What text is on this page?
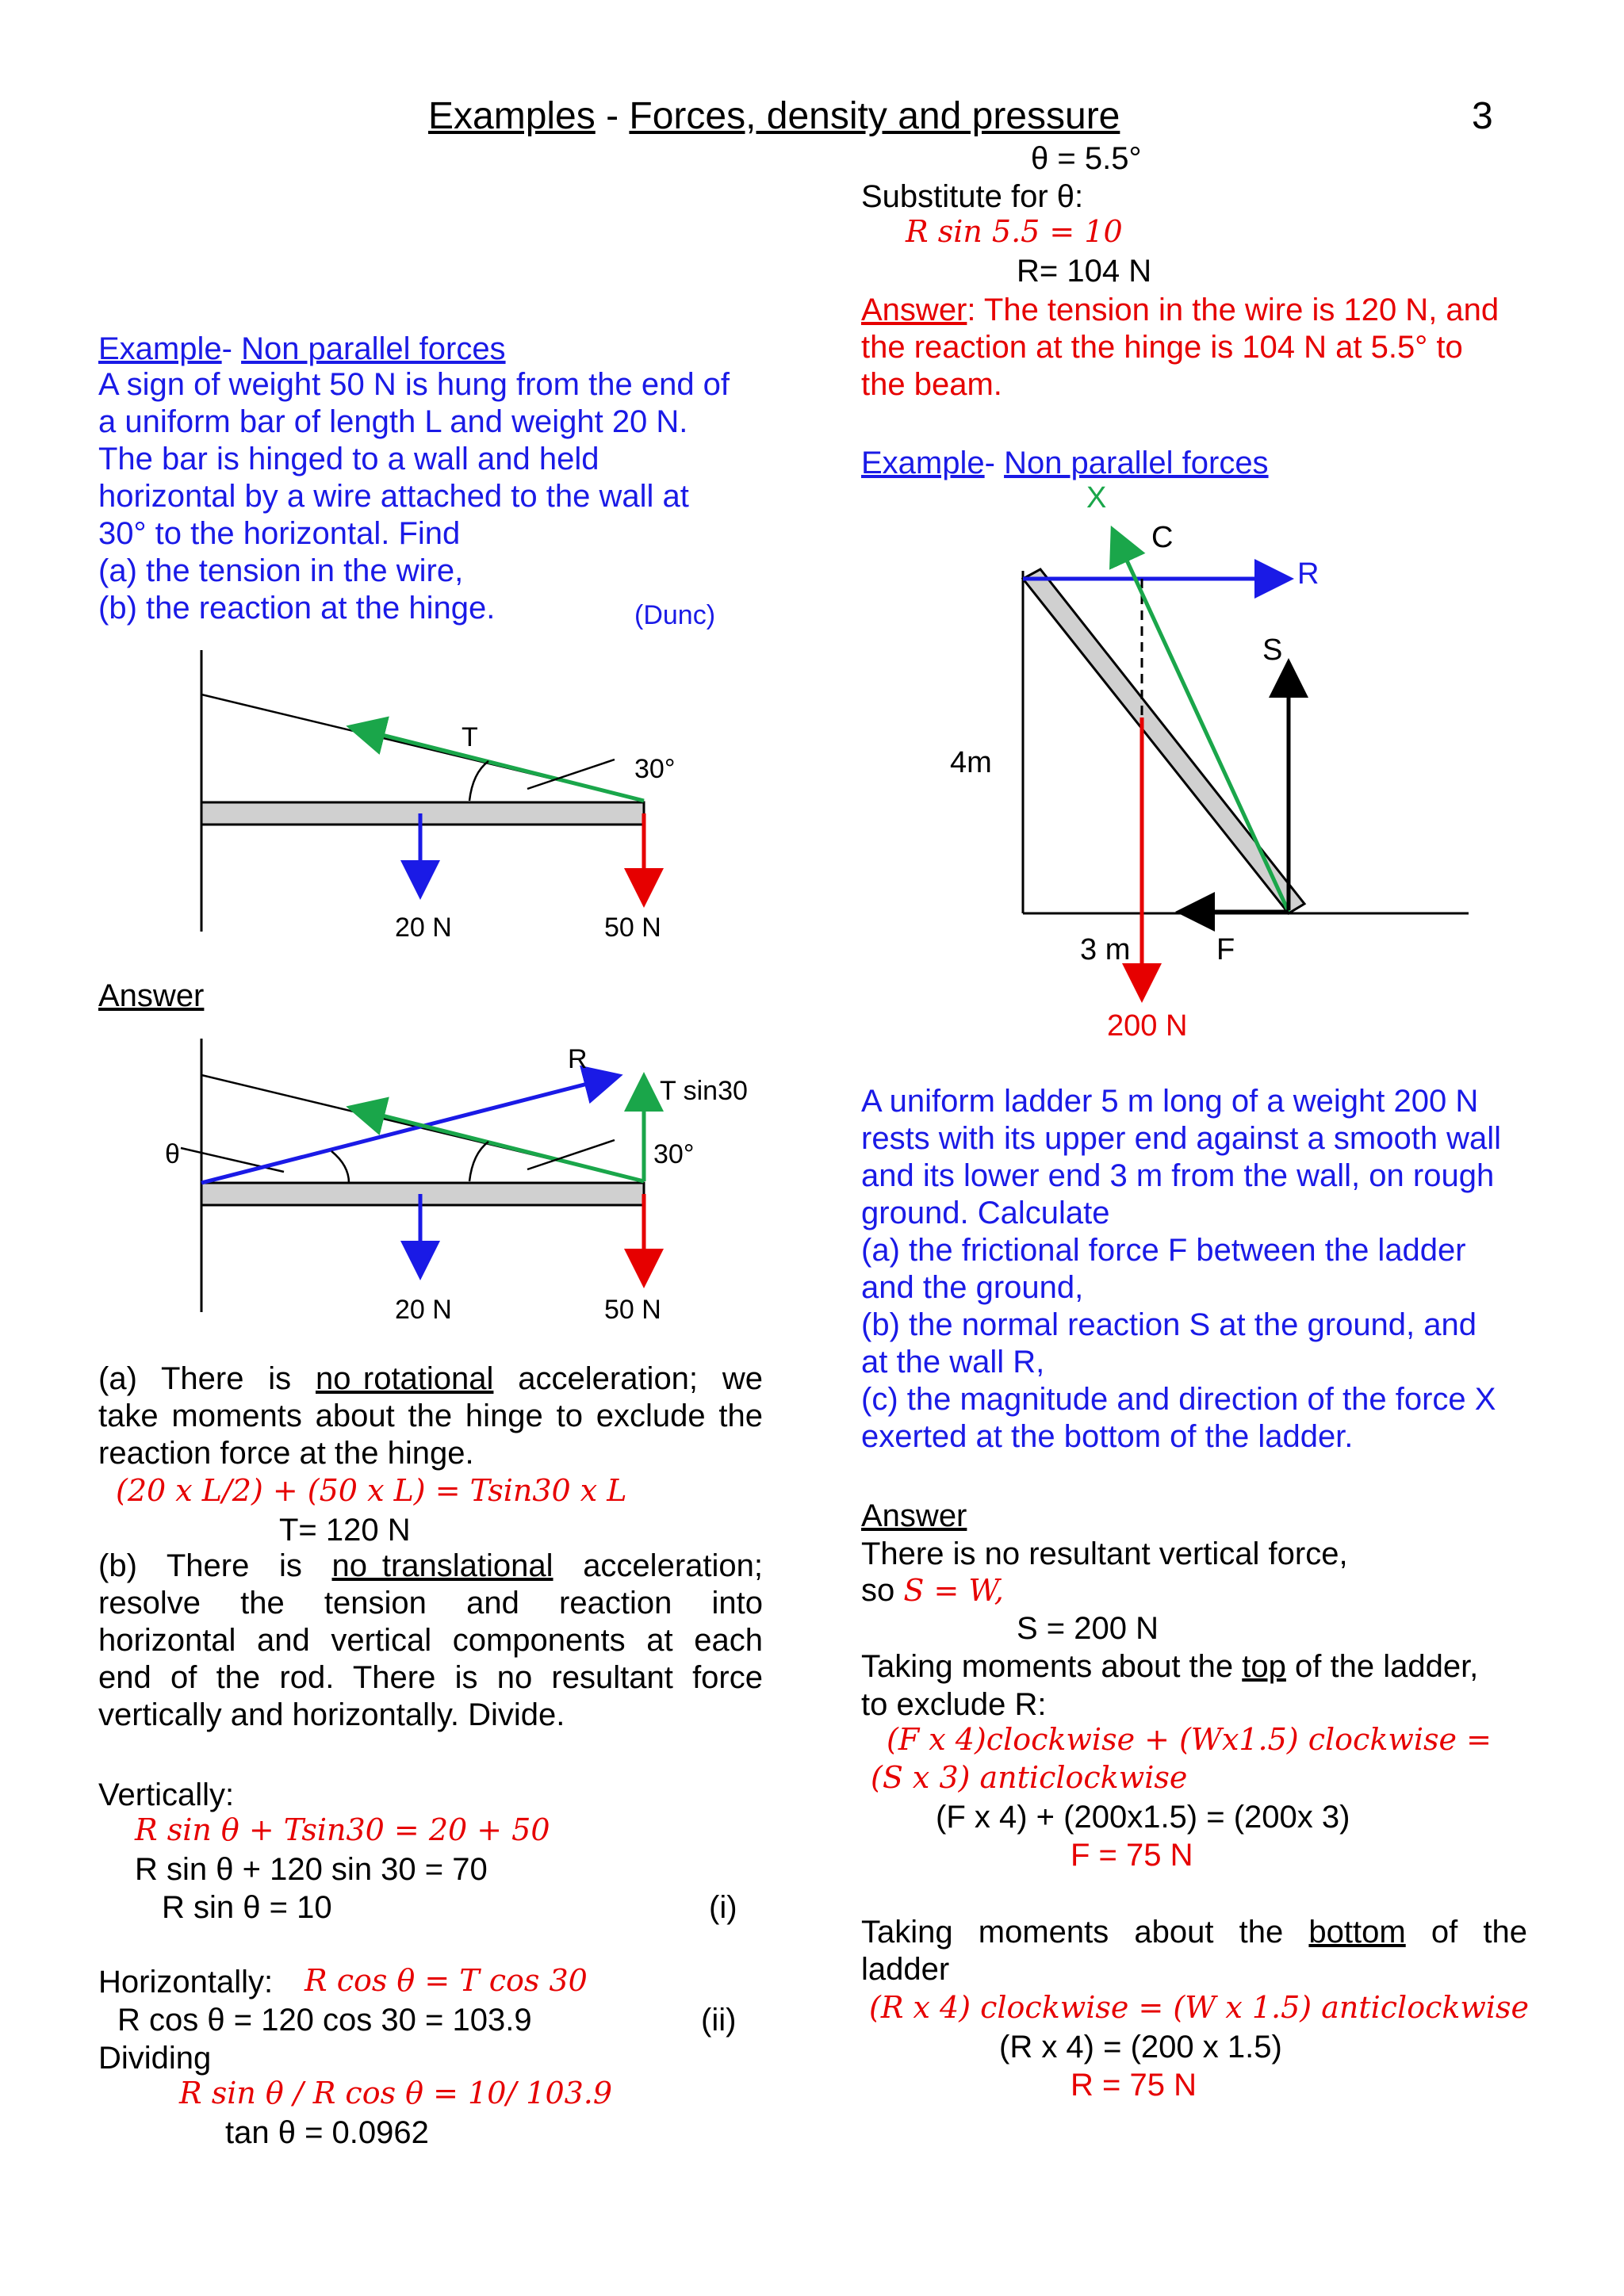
Examples - Forces, density and pressure	3
Example- Non parallel forces
A sign of weight 50 N is hung from the end of
a uniform bar of length L and weight 20 N.
The bar is hinged to a wall and held
horizontal by a wire attached to the wall at
30° to the horizontal. Find
(a) the tension in the wire,
(b) the reaction at the hinge.	(Dunc)
T
30°
20 N	50 N
Answer
R
T sin30
θ	30°
20 N	50 N
(a)  There  is  no rotational  acceleration;  we
take moments about the hinge to exclude the
reaction force at the hinge.
(20 x L/2) + (50 x L) = Tsin30 x L
T= 120 N
(b)  There  is  no translational  acceleration;
resolve the tension and reaction into
horizontal and vertical components at each
end of the rod. There is no resultant force
vertically and horizontally. Divide.
Vertically:
R sin θ + Tsin30 = 20 + 50
R sin θ + 120 sin 30 = 70
R sin θ = 10	(i)
Horizontally: R cos θ = T cos 30
R cos θ = 120 cos 30 = 103.9	(ii)
Dividing
R sin θ / R cos θ = 10/ 103.9
tan θ = 0.0962
θ = 5.5°
Substitute for θ:
R sin 5.5 = 10
R= 104 N
Answer: The tension in the wire is 120 N, and
the reaction at the hinge is 104 N at 5.5° to
the beam.
Example- Non parallel forces
X
C
R
S
4m
3 m	F
200 N
A uniform ladder 5 m long of a weight 200 N
rests with its upper end against a smooth wall
and its lower end 3 m from the wall, on rough
ground. Calculate
(a) the frictional force F between the ladder
and the ground,
(b) the normal reaction S at the ground, and
at the wall R,
(c) the magnitude and direction of the force X
exerted at the bottom of the ladder.
Answer
There is no resultant vertical force,
so S = W,
S = 200 N
Taking moments about the top of the ladder,
to exclude R:
(F x 4)clockwise + (Wx1.5) clockwise =
(S x 3) anticlockwise
(F x 4) + (200x1.5) = (200x 3)
F = 75 N
Taking moments about the bottom of the
ladder
(R x 4) clockwise = (W x 1.5) anticlockwise
(R x 4) = (200 x 1.5)
R = 75 N
